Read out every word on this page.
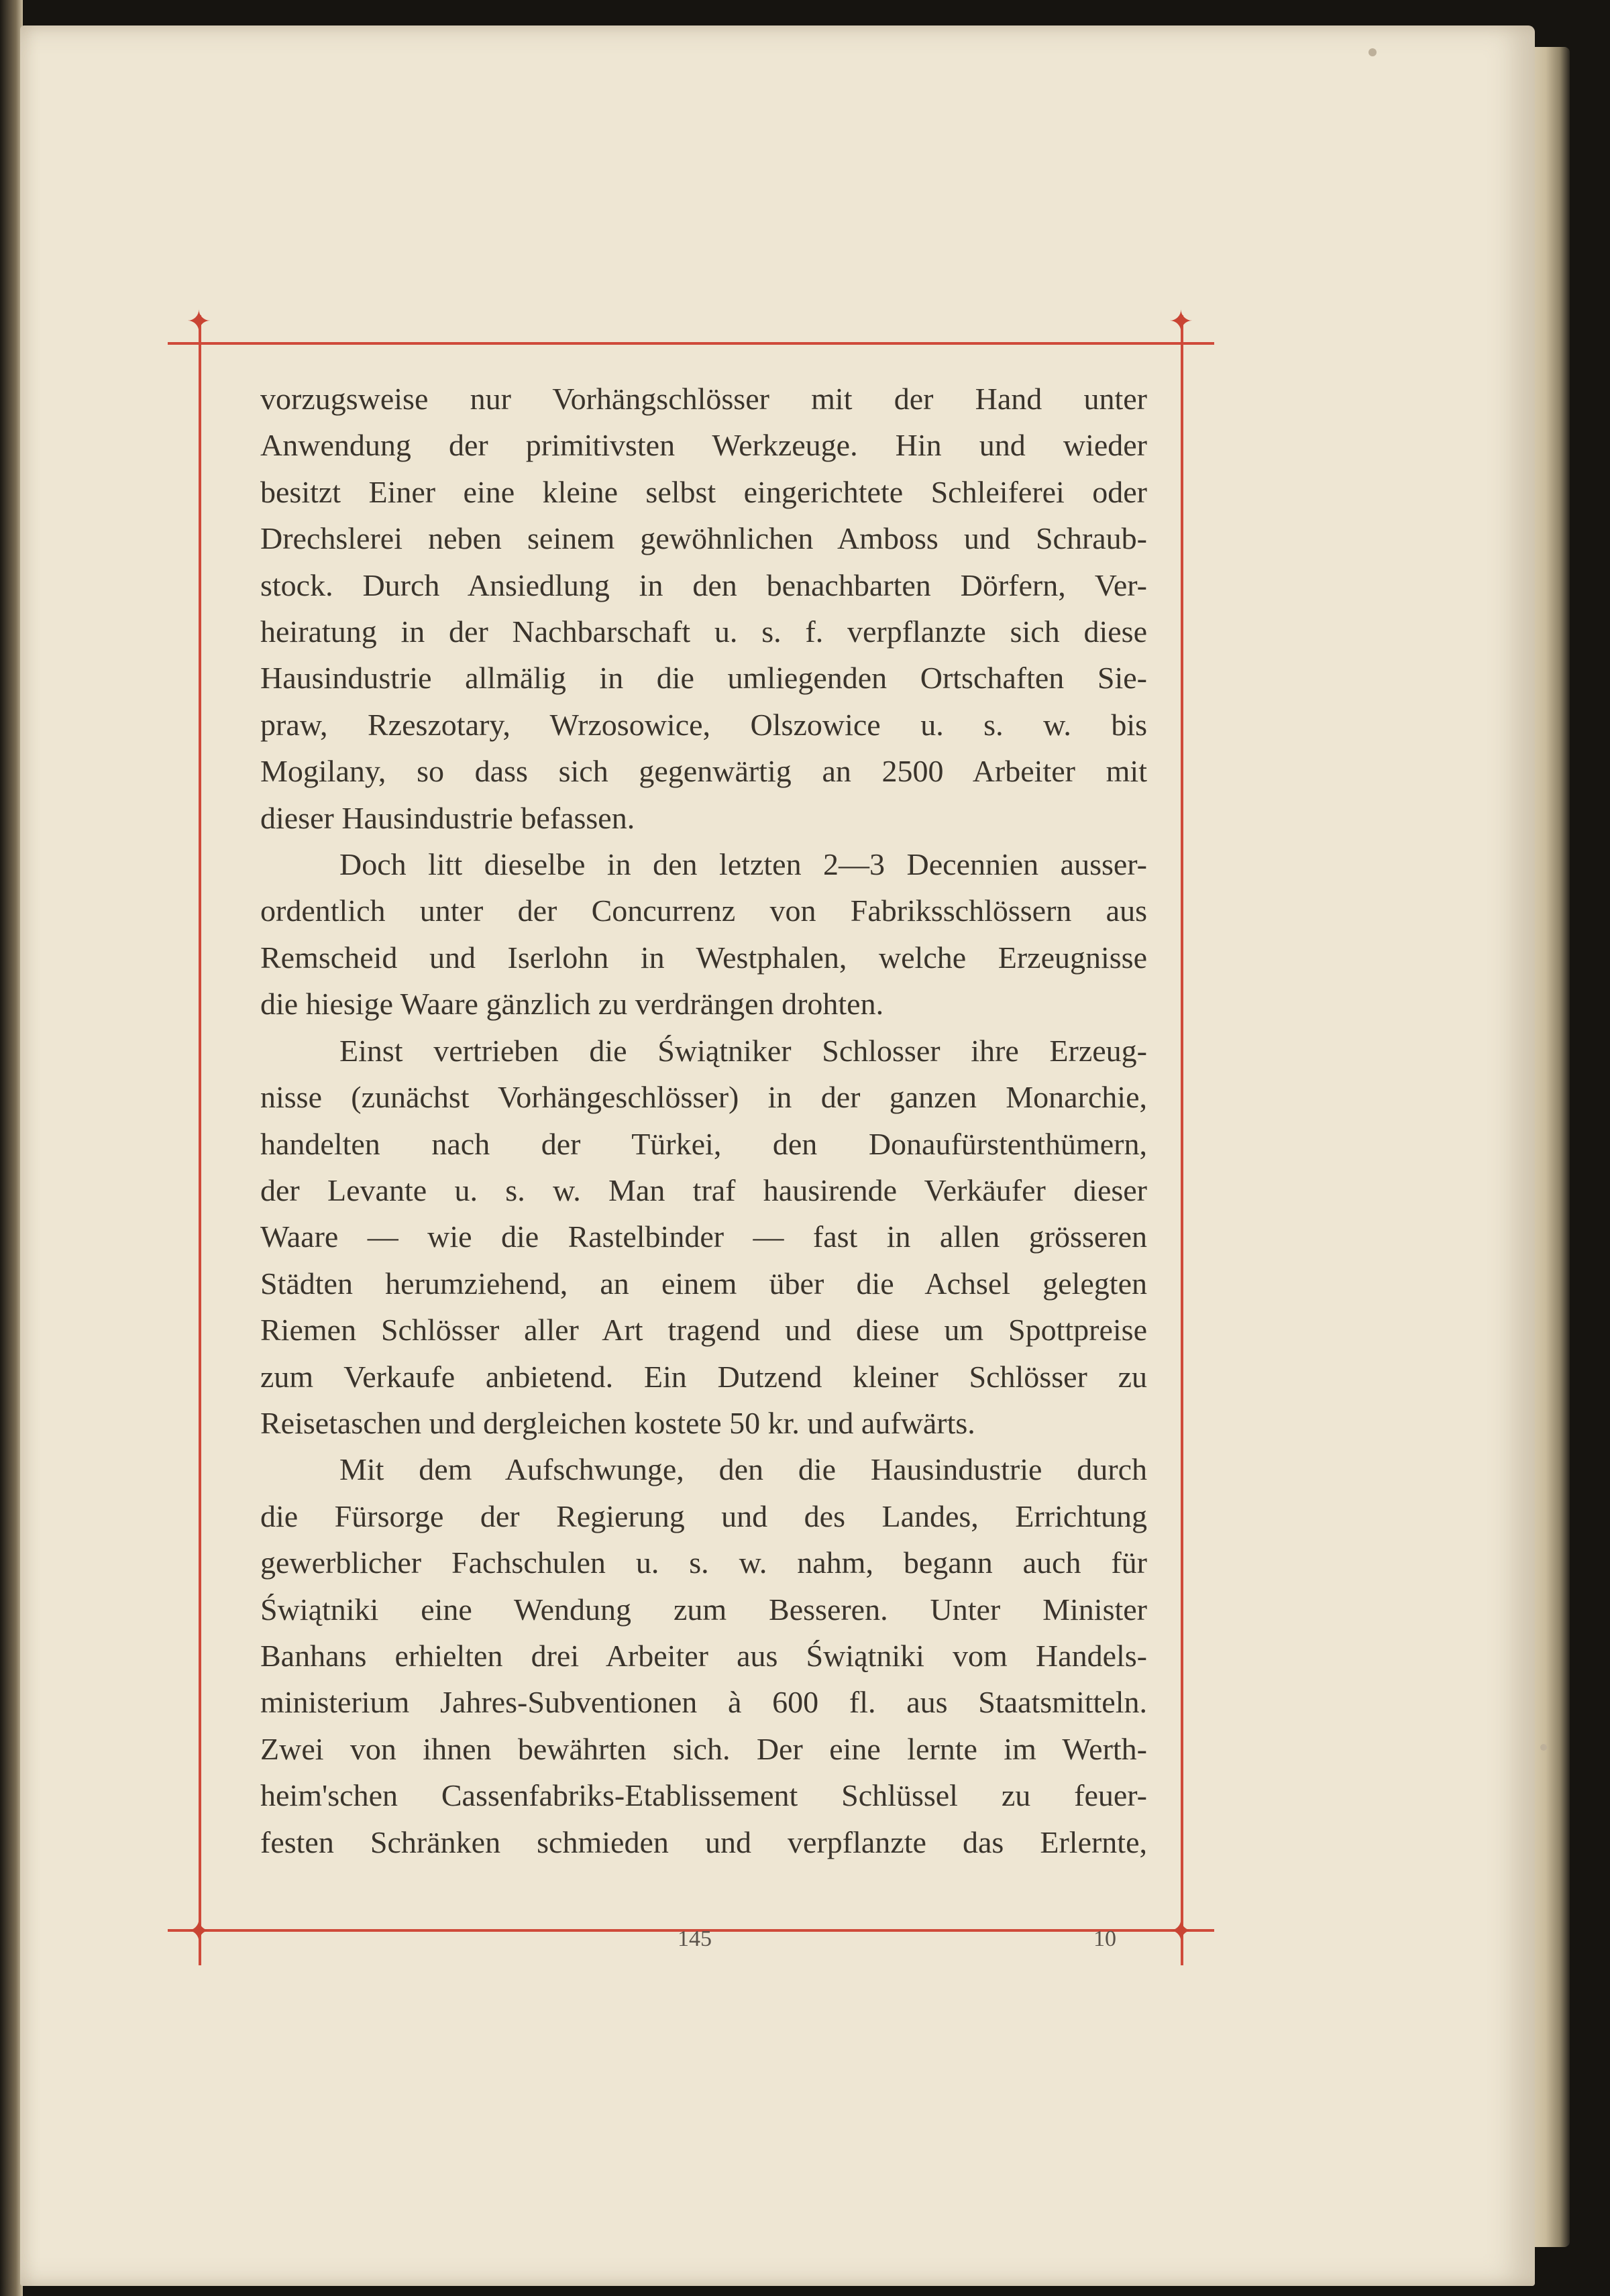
✦	✦
✦	✦
vorzugsweise nur Vorhängschlösser mit der Hand unter
Anwendung der primitivsten Werkzeuge. Hin und wieder
besitzt Einer eine kleine selbst eingerichtete Schleiferei oder
Drechslerei neben seinem gewöhnlichen Amboss und Schraub-
stock. Durch Ansiedlung in den benachbarten Dörfern, Ver-
heiratung in der Nachbarschaft u. s. f. verpflanzte sich diese
Hausindustrie allmälig in die umliegenden Ortschaften Sie-
praw, Rzeszotary, Wrzosowice, Olszowice u. s. w. bis
Mogilany, so dass sich gegenwärtig an 2500 Arbeiter mit
dieser Hausindustrie befassen.
Doch litt dieselbe in den letzten 2—3 Decennien ausser-
ordentlich unter der Concurrenz von Fabriksschlössern aus
Remscheid und Iserlohn in Westphalen, welche Erzeugnisse
die hiesige Waare gänzlich zu verdrängen drohten.
Einst vertrieben die Świątniker Schlosser ihre Erzeug-
nisse (zunächst Vorhängeschlösser) in der ganzen Monarchie,
handelten nach der Türkei, den Donaufürstenthümern,
der Levante u. s. w. Man traf hausirende Verkäufer dieser
Waare — wie die Rastelbinder — fast in allen grösseren
Städten herumziehend, an einem über die Achsel gelegten
Riemen Schlösser aller Art tragend und diese um Spottpreise
zum Verkaufe anbietend. Ein Dutzend kleiner Schlösser zu
Reisetaschen und dergleichen kostete 50 kr. und aufwärts.
Mit dem Aufschwunge, den die Hausindustrie durch
die Fürsorge der Regierung und des Landes, Errichtung
gewerblicher Fachschulen u. s. w. nahm, begann auch für
Świątniki eine Wendung zum Besseren. Unter Minister
Banhans erhielten drei Arbeiter aus Świątniki vom Handels-
ministerium Jahres-Subventionen à 600 fl. aus Staatsmitteln.
Zwei von ihnen bewährten sich. Der eine lernte im Werth-
heim'schen Cassenfabriks-Etablissement Schlüssel zu feuer-
festen Schränken schmieden und verpflanzte das Erlernte,
145	10
